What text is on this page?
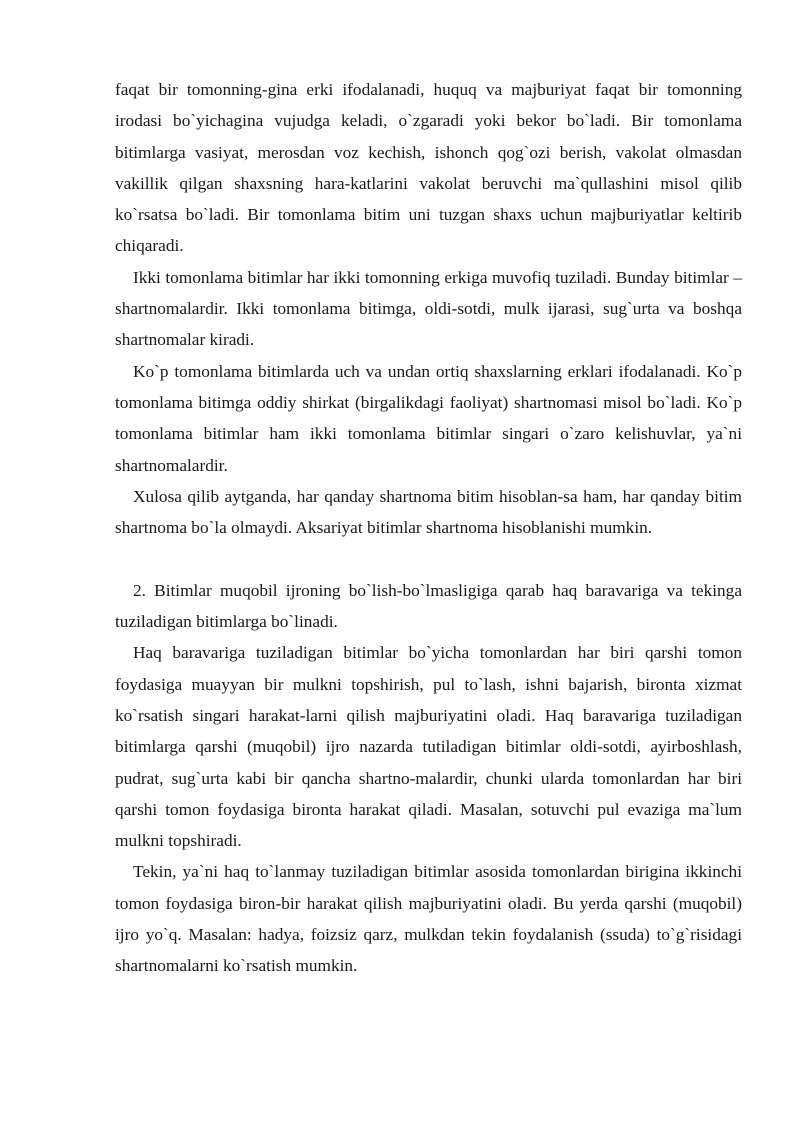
faqat bir tomonning-gina erki ifodalanadi, huquq va majburiyat faqat bir tomonning irodasi bo`yichagina vujudga keladi, o`zgaradi yoki bekor bo`ladi. Bir tomonlama bitimlarga vasiyat, merosdan voz kechish, ishonch qog`ozi berish, vakolat olmasdan vakillik qilgan shaxsning hara-katlarini vakolat beruvchi ma`qullashini misol qilib ko`rsatsa bo`ladi. Bir tomonlama bitim uni tuzgan shaxs uchun majburiyatlar keltirib chiqaradi.

Ikki tomonlama bitimlar har ikki tomonning erkiga muvofiq tuziladi. Bunday bitimlar – shartnomalardir. Ikki tomonlama bitimga, oldi-sotdi, mulk ijarasi, sug`urta va boshqa shartnomalar kiradi.

Ko`p tomonlama bitimlarda uch va undan ortiq shaxslarning erklari ifodalanadi. Ko`p tomonlama bitimga oddiy shirkat (birgalikdagi faoliyat) shartnomasi misol bo`ladi. Ko`p tomonlama bitimlar ham ikki tomonlama bitimlar singari o`zaro kelishuvlar, ya`ni shartnomalardir.

Xulosa qilib aytganda, har qanday shartnoma bitim hisoblan-sa ham, har qanday bitim shartnoma bo`la olmaydi. Aksariyat bitimlar shartnoma hisoblanishi mumkin.

2. Bitimlar muqobil ijroning bo`lish-bo`lmasligiga qarab haq baravariga va tekinga tuziladigan bitimlarga bo`linadi.

Haq baravariga tuziladigan bitimlar bo`yicha tomonlardan har biri qarshi tomon foydasiga muayyan bir mulkni topshirish, pul to`lash, ishni bajarish, bironta xizmat ko`rsatish singari harakat-larni qilish majburiyatini oladi. Haq baravariga tuziladigan bitimlarga qarshi (muqobil) ijro nazarda tutiladigan bitimlar oldi-sotdi, ayirboshlash, pudrat, sug`urta kabi bir qancha shartno-malardir, chunki ularda tomonlardan har biri qarshi tomon foydasiga bironta harakat qiladi. Masalan, sotuvchi pul evaziga ma`lum mulkni topshiradi.

Tekin, ya`ni haq to`lanmay tuziladigan bitimlar asosida tomonlardan birigina ikkinchi tomon foydasiga biron-bir harakat qilish majburiyatini oladi. Bu yerda qarshi (muqobil) ijro yo`q. Masalan: hadya, foizsiz qarz, mulkdan tekin foydalanish (ssuda) to`g`risidagi shartnomalarni ko`rsatish mumkin.
